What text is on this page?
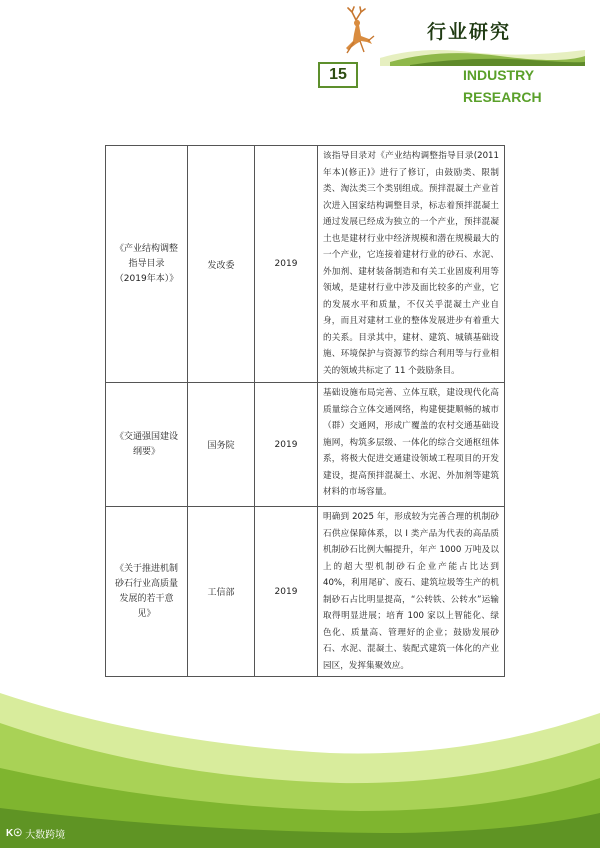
行业研究
15	INDUSTRY
RESEARCH
《产业结构调整指导目录（2019年本）》	发改委	2019	该指导目录对《产业结构调整指导目录(2011年本)(修正)》进行了修订，由鼓励类、限制类、淘汰类三个类别组成。预拌混凝土产业首次进入国家结构调整目录，标志着预拌混凝土通过发展已经成为独立的一个产业，预拌混凝土也是建材行业中经济规模和潜在规模最大的一个产业，它连接着建材行业的砂石、水泥、外加剂、建材装备制造和有关工业固废利用等领域，是建材行业中涉及面比较多的产业，它的发展水平和质量，不仅关乎混凝土产业自身，而且对建材工业的整体发展进步有着重大的关系。目录其中，建材、建筑、城镇基础设施、环境保护与资源节约综合利用等与行业相关的领域共标定了 11 个鼓励条目。
《交通强国建设纲要》	国务院	2019	基础设施布局完善、立体互联，建设现代化高质量综合立体交通网络，构建便捷顺畅的城市（群）交通网，形成广覆盖的农村交通基础设施网，构筑多层级、一体化的综合交通枢纽体系，将极大促进交通建设领域工程项目的开发建设，提高预拌混凝土、水泥、外加剂等建筑材料的市场容量。
《关于推进机制砂石行业高质量发展的若干意见》	工信部	2019	明确到 2025 年，形成较为完善合理的机制砂石供应保障体系，以 I 类产品为代表的高品质机制砂石比例大幅提升，年产 1000 万吨及以上的超大型机制砂石企业产能占比达到 40%，利用尾矿、废石、建筑垃圾等生产的机制砂石占比明显提高，“公转铁、公转水”运输取得明显进展；培育 100 家以上智能化、绿色化、质量高、管理好的企业；鼓励发展砂石、水泥、混凝土、装配式建筑一体化的产业园区，发挥集聚效应。
K☉ 大数跨境
